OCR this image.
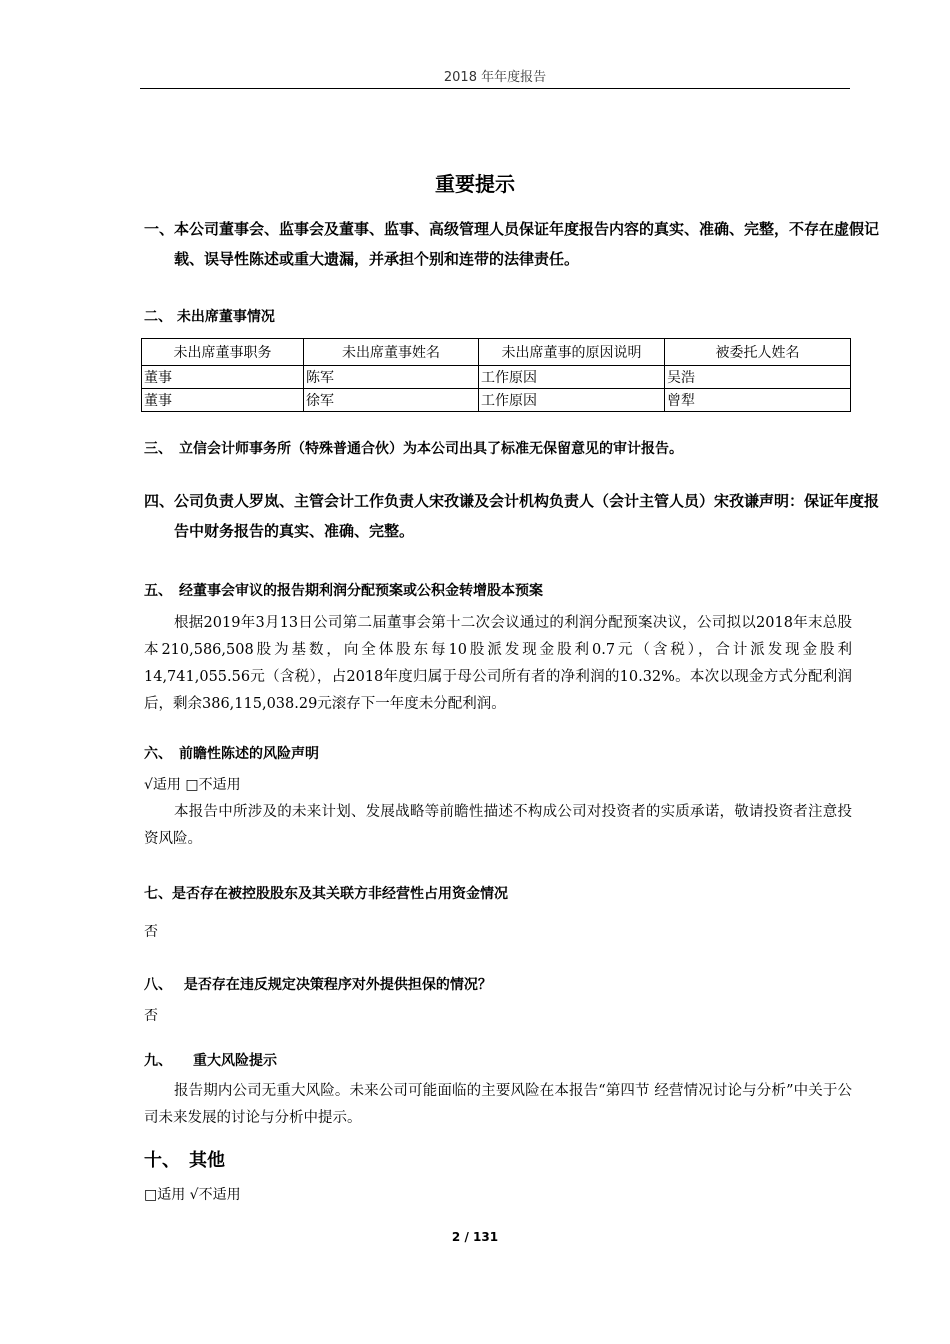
2018 年年度报告
重要提示
一、本公司董事会、监事会及董事、监事、高级管理人员保证年度报告内容的真实、准确、完整，不存在虚假记载、误导性陈述或重大遗漏，并承担个别和连带的法律责任。
二、 未出席董事情况
未出席董事职务	未出席董事姓名	未出席董事的原因说明	被委托人姓名
董事	陈军	工作原因	吴浩
董事	徐军	工作原因	曾犁
三、　立信会计师事务所（特殊普通合伙）为本公司出具了标准无保留意见的审计报告。
四、公司负责人罗岚、主管会计工作负责人宋孜谦及会计机构负责人（会计主管人员）宋孜谦声明：保证年度报告中财务报告的真实、准确、完整。
五、　经董事会审议的报告期利润分配预案或公积金转增股本预案
根据2019年3月13日公司第二届董事会第十二次会议通过的利润分配预案决议，公司拟以2018年末总股本210,586,508股为基数，向全体股东每10股派发现金股利0.7元（含税），合计派发现金股利14,741,055.56元（含税），占2018年度归属于母公司所有者的净利润的10.32%。本次以现金方式分配利润后，剩余386,115,038.29元滚存下一年度未分配利润。
六、　前瞻性陈述的风险声明
√适用 □不适用
本报告中所涉及的未来计划、发展战略等前瞻性描述不构成公司对投资者的实质承诺，敬请投资者注意投资风险。
七、是否存在被控股股东及其关联方非经营性占用资金情况
否
八、　 是否存在违反规定决策程序对外提供担保的情况？
否
九、　　重大风险提示
报告期内公司无重大风险。未来公司可能面临的主要风险在本报告“第四节 经营情况讨论与分析”中关于公司未来发展的讨论与分析中提示。
十、　其他
□适用 √不适用
2 / 131
